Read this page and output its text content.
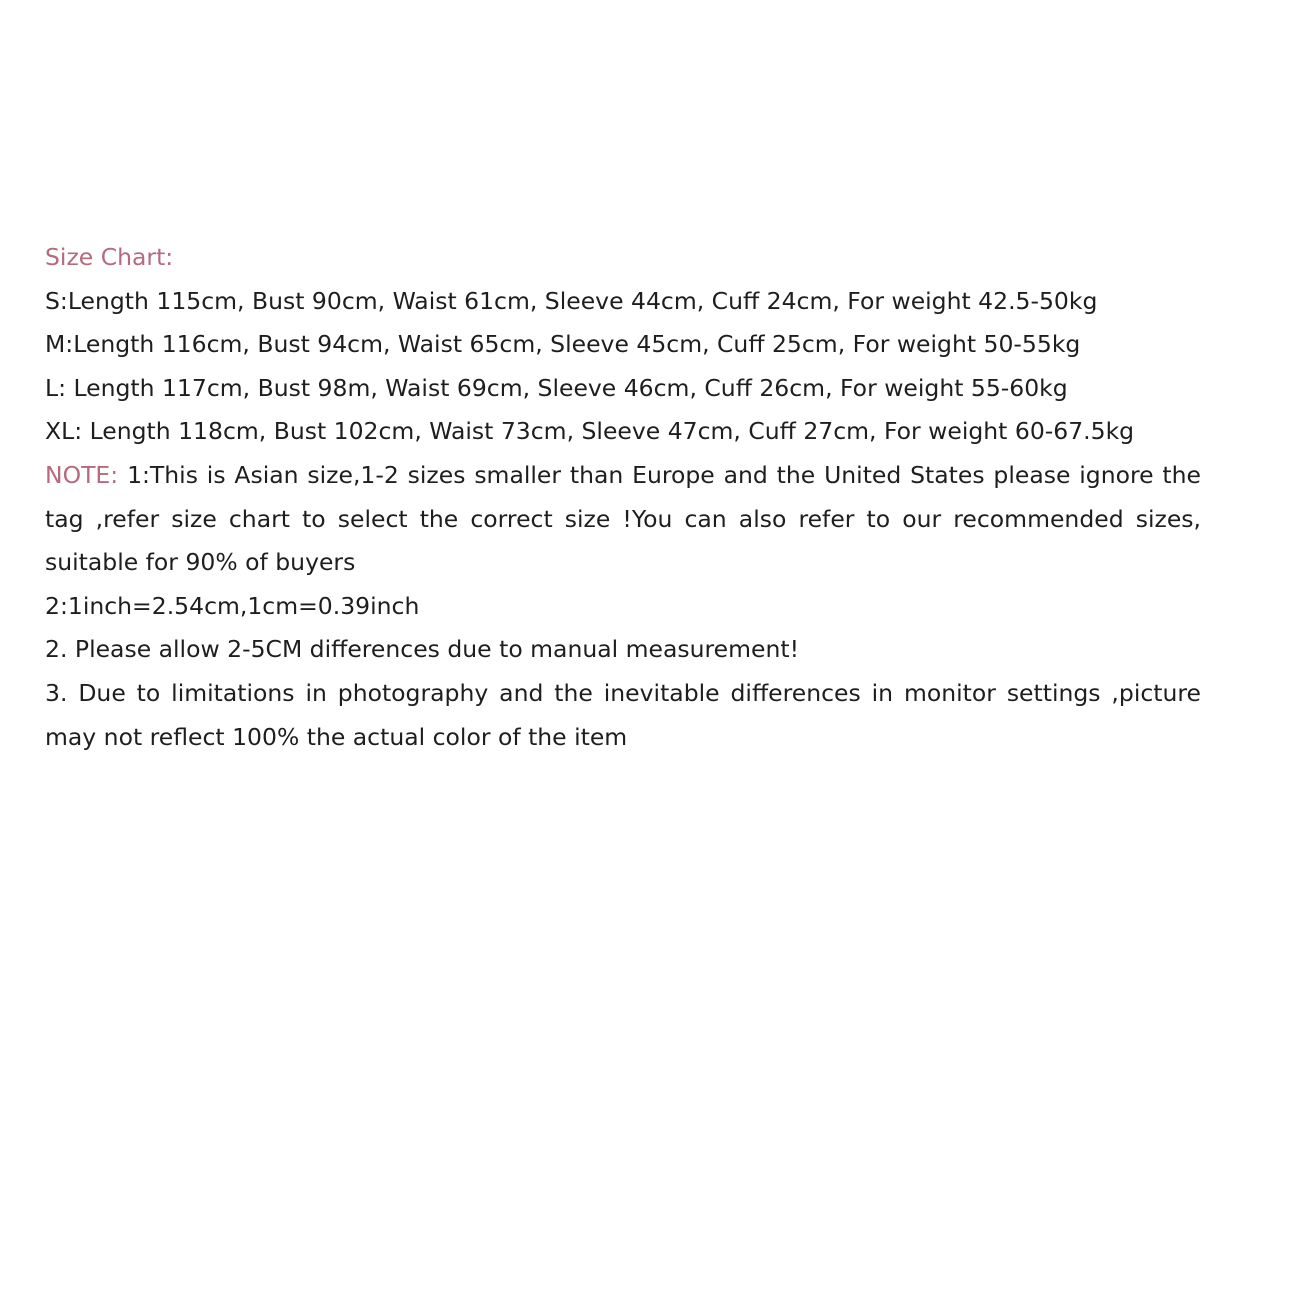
Size Chart:

S:Length 115cm, Bust 90cm, Waist 61cm, Sleeve 44cm, Cuff 24cm, For weight 42.5-50kg

M:Length 116cm, Bust 94cm, Waist 65cm, Sleeve 45cm, Cuff 25cm, For weight 50-55kg

L: Length 117cm, Bust 98m, Waist 69cm, Sleeve 46cm, Cuff 26cm, For weight 55-60kg

XL: Length 118cm, Bust 102cm, Waist 73cm, Sleeve 47cm, Cuff 27cm, For weight 60-67.5kg

NOTE: 1:This is Asian size,1-2 sizes smaller than Europe and the United States please ignore the tag ,refer size chart to select the correct size !You can also refer to our recommended sizes, suitable for 90% of buyers

2:1inch=2.54cm,1cm=0.39inch

2. Please allow 2-5CM differences due to manual measurement!

3. Due to limitations in photography and the inevitable differences in monitor settings ,picture may not reflect 100% the actual color of the item
